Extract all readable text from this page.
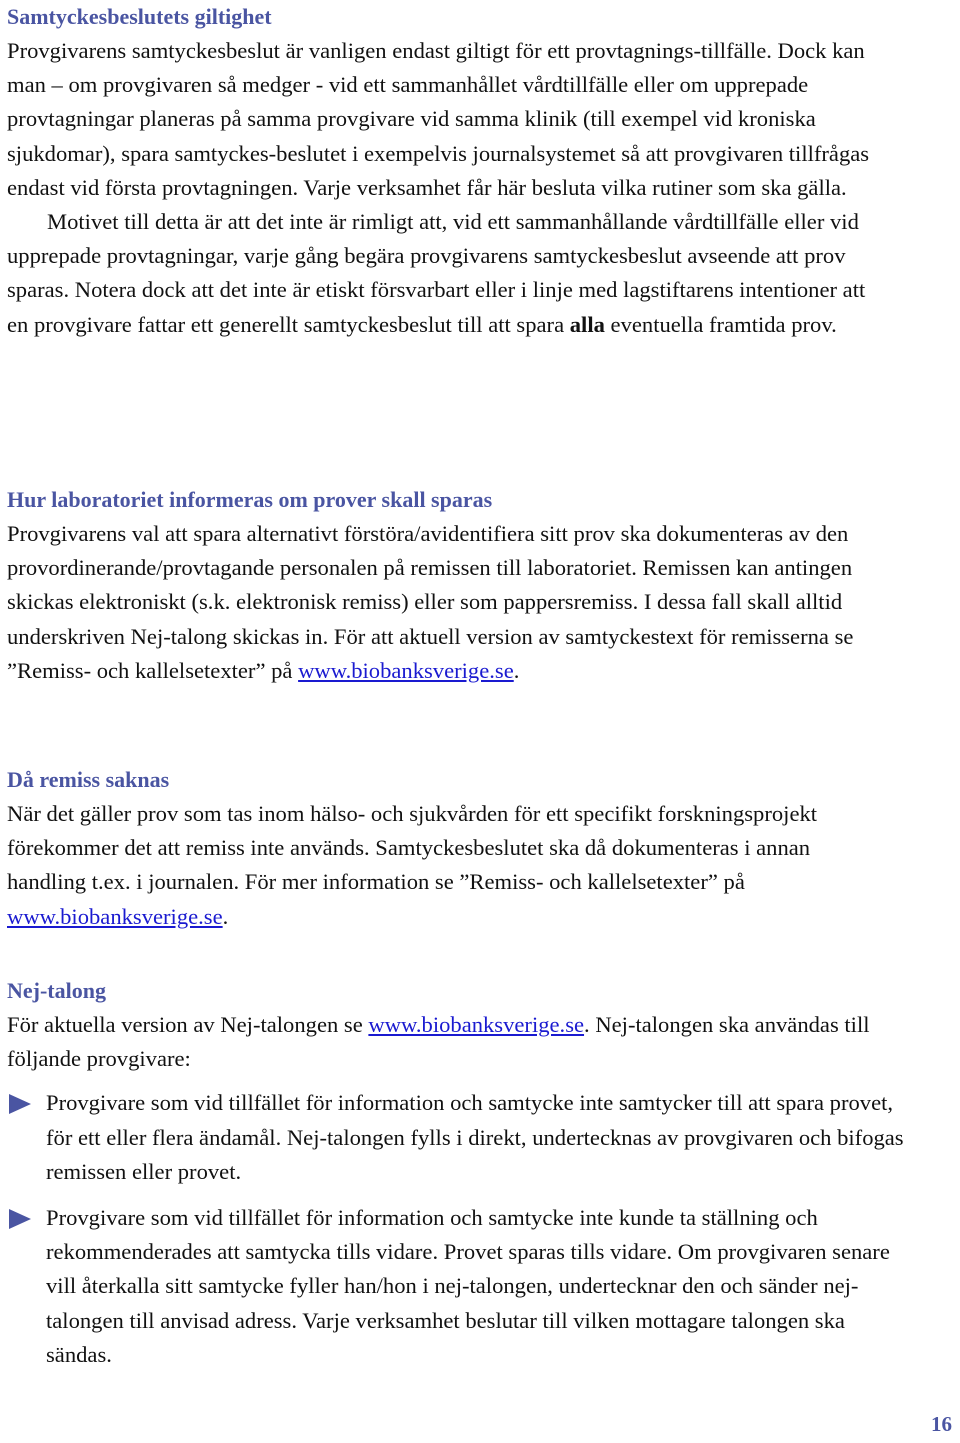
Samtyckesbeslutets giltighet

Provgivarens samtyckesbeslut är vanligen endast giltigt för ett provtagnings-tillfälle. Dock kan man – om provgivaren så medger - vid ett sammanhållet vårdtillfälle eller om upprepade provtagningar planeras på samma provgivare vid samma klinik (till exempel vid kroniska sjukdomar), spara samtyckes-beslutet i exempelvis journalsystemet så att provgivaren tillfrågas endast vid första provtagningen. Varje verksamhet får här besluta vilka rutiner som ska gälla.

Motivet till detta är att det inte är rimligt att, vid ett sammanhållande vårdtillfälle eller vid upprepade provtagningar, varje gång begära provgivarens samtyckesbeslut avseende att prov sparas. Notera dock att det inte är etiskt försvarbart eller i linje med lagstiftarens intentioner att en provgivare fattar ett generellt samtyckesbeslut till att spara alla eventuella framtida prov.

Hur laboratoriet informeras om prover skall sparas

Provgivarens val att spara alternativt förstöra/avidentifiera sitt prov ska dokumenteras av den provordinerande/provtagande personalen på remissen till laboratoriet. Remissen kan antingen skickas elektroniskt (s.k. elektronisk remiss) eller som pappersremiss. I dessa fall skall alltid underskriven Nej-talong skickas in. För att aktuell version av samtyckestext för remisserna se ”Remiss- och kallelsetexter” på www.biobanksverige.se.

Då remiss saknas

När det gäller prov som tas inom hälso- och sjukvården för ett specifikt forskningsprojekt förekommer det att remiss inte används. Samtyckesbeslutet ska då dokumenteras i annan handling t.ex. i journalen. För mer information se ”Remiss- och kallelsetexter” på www.biobanksverige.se.

Nej-talong

För aktuella version av Nej-talongen se www.biobanksverige.se. Nej-talongen ska användas till följande provgivare:

Provgivare som vid tillfället för information och samtycke inte samtycker till att spara provet, för ett eller flera ändamål. Nej-talongen fylls i direkt, undertecknas av provgivaren och bifogas remissen eller provet.
Provgivare som vid tillfället för information och samtycke inte kunde ta ställning och rekommenderades att samtycka tills vidare. Provet sparas tills vidare. Om provgivaren senare vill återkalla sitt samtycke fyller han/hon i nej-talongen, undertecknar den och sänder nej-talongen till anvisad adress. Varje verksamhet beslutar till vilken mottagare talongen ska sändas.
16
